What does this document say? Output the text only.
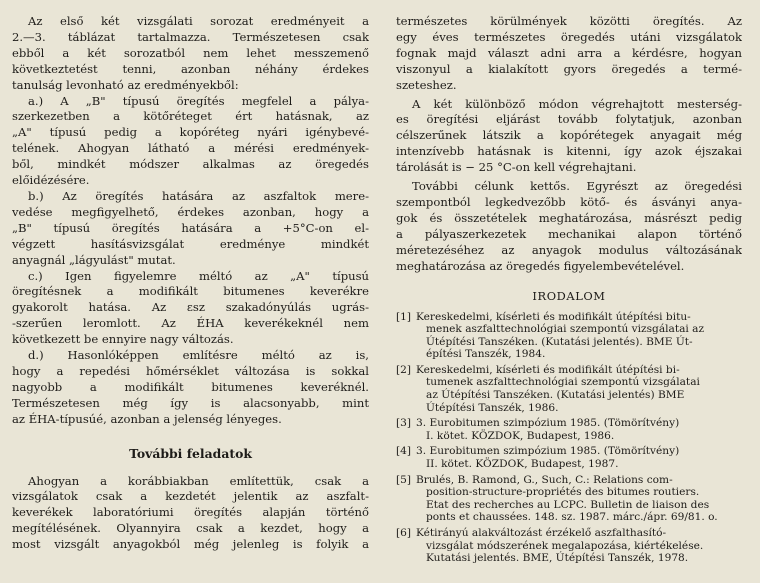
Az első két vizsgálati sorozat eredményeit a
2.—3. táblázat tartalmazza. Természetesen csak
ebből a két sorozatból nem lehet messzemenő
következtetést tenni, azonban néhány érdekes
tanulság levonható az eredményekből:
a.) A „B" típusú öregítés megfelel a pálya-
szerkezetben a kötőréteget ért hatásnak, az
„A" típusú pedig a kopóréteg nyári igénybevé-
telének. Ahogyan látható a mérési eredmények-
ből, mindkét módszer alkalmas az öregedés
előidézésére.
b.) Az öregítés hatására az aszfaltok mere-
vedése megfigyelhető, érdekes azonban, hogy a
„B" típusú öregítés hatására a +5°C-on el-
végzett hasításvizsgálat eredménye mindkét
anyagnál „lágyulást" mutat.
c.) Igen figyelemre méltó az „A" típusú
öregítésnek a modifikált bitumenes keverékre
gyakorolt hatása. Az εsz szakadónyúlás ugrás-
-szerűen leromlott. Az ÉHA keverékeknél nem
következett be ennyire nagy változás.
d.) Hasonlóképpen említésre méltó az is,
hogy a repedési hőmérséklet változása is sokkal
nagyobb a modifikált bitumenes keveréknél.
Természetesen még így is alacsonyabb, mint
az ÉHA-típusúé, azonban a jelenség lényeges.
További feladatok
Ahogyan a korábbiakban említettük, csak a
vizsgálatok csak a kezdetét jelentik az aszfalt-
keverékek laboratóriumi öregítés alapján történő
megítélésének. Olyannyira csak a kezdet, hogy a
most vizsgált anyagokból még jelenleg is folyik a
természetes körülmények közötti öregítés. Az
egy éves természetes öregedés utáni vizsgálatok
fognak majd választ adni arra a kérdésre, hogyan
viszonyul a kialakított gyors öregedés a termé-
szeteshez.
A két különböző módon végrehajtott mesterség-
es öregítési eljárást tovább folytatjuk, azonban
célszerűnek látszik a kopórétegek anyagait még
intenzívebb hatásnak is kitenni, így azok éjszakai
tárolását is − 25 °C-on kell végrehajtani.
További célunk kettős. Egyrészt az öregedési
szempontból legkedvezőbb kötő- és ásványi anya-
gok és összetételek meghatározása, másrészt pedig
a pályaszerkezetek mechanikai alapon történő
méretezéséhez az anyagok modulus változásának
meghatározása az öregedés figyelembevételével.
IRODALOM
[1] Kereskedelmi, kísérleti és modifikált útépítési bitu-
menek aszfalttechnológiai szempontú vizsgálatai az
Útépítési Tanszéken. (Kutatási jelentés). BME Út-
építési Tanszék, 1984.
[2] Kereskedelmi, kísérleti és modifikált útépítési bi-
tumenek aszfalttechnológiai szempontú vizsgálatai
az Útépítési Tanszéken. (Kutatási jelentés) BME
Útépítési Tanszék, 1986.
[3] 3. Eurobitumen szimpózium 1985. (Tömörítvény)
I. kötet. KÖZDOK, Budapest, 1986.
[4] 3. Eurobitumen szimpózium 1985. (Tömörítvény)
II. kötet. KÖZDOK, Budapest, 1987.
[5] Brulés, B. Ramond, G., Such, C.: Relations com-
position-structure-propriétés des bitumes routiers.
Etat des recherches au LCPC. Bulletin de liaison des
ponts et chaussées. 148. sz. 1987. márc./ápr. 69/81. o.
[6] Kétirányú alakváltozást érzékelő aszfalthasító-
vizsgálat módszerének megalapozása, kiértékelése.
Kutatási jelentés. BME, Útépítési Tanszék, 1978.
